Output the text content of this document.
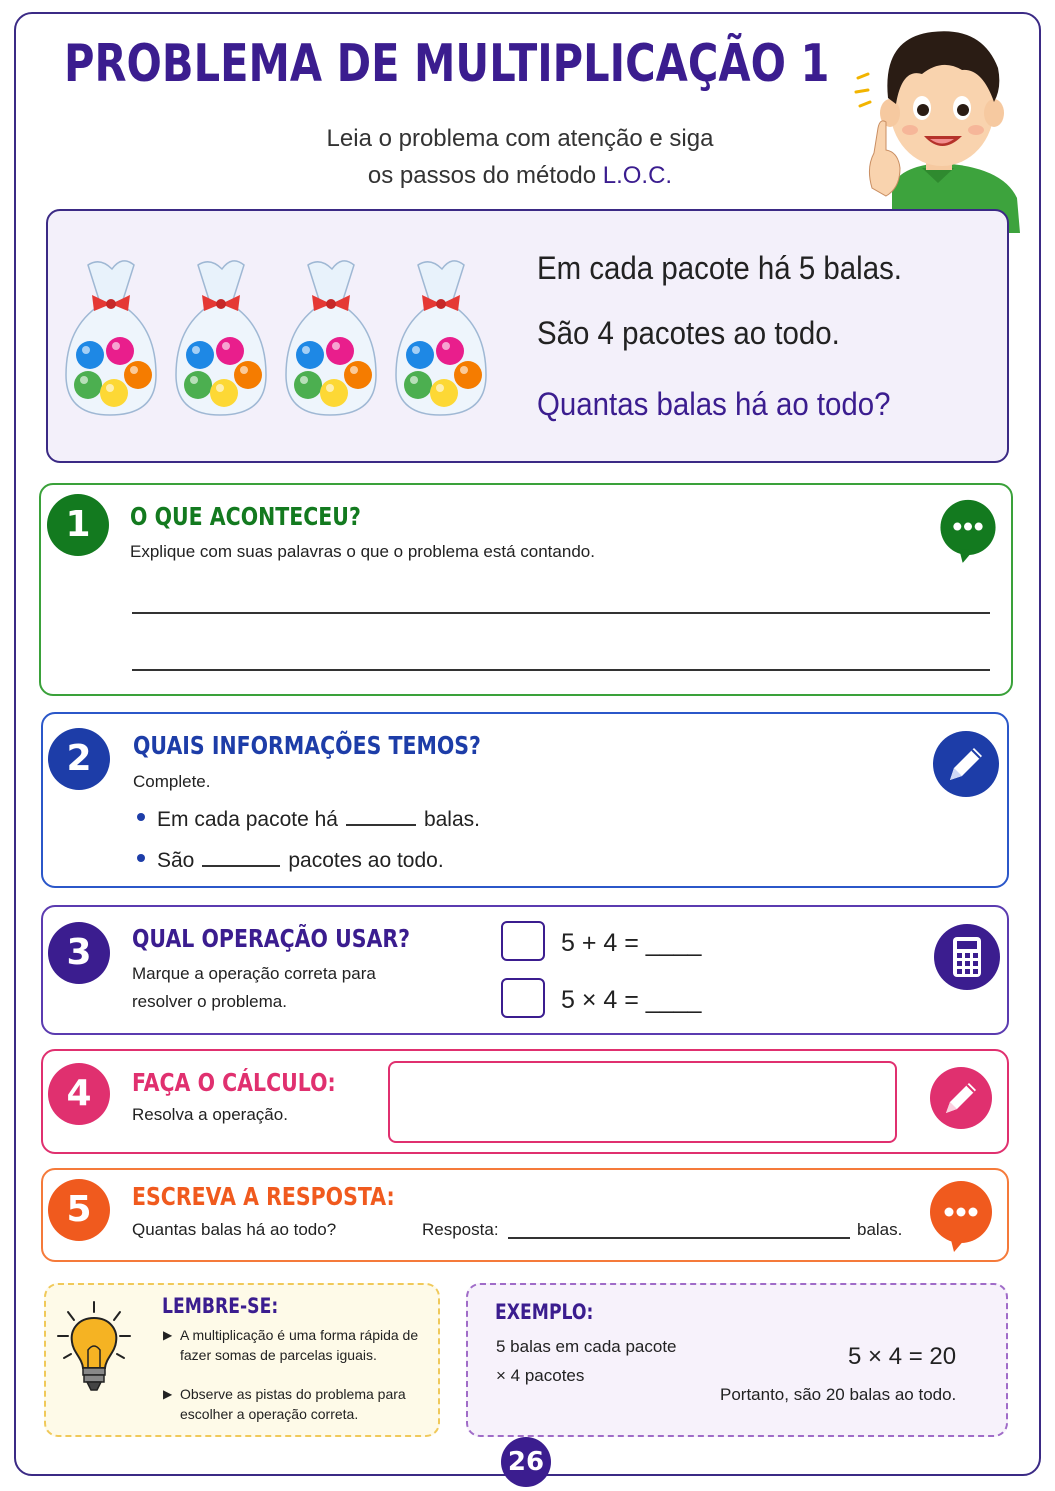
PROBLEMA DE MULTIPLICAÇÃO 1
Leia o problema com atenção e siga
os passos do método L.O.C.
Em cada pacote há 5 balas.
São 4 pacotes ao todo.
Quantas balas há ao todo?
1	O QUE ACONTECEU?
Explique com suas palavras o que o problema está contando.
2	QUAIS INFORMAÇÕES TEMOS?
Complete.
Em cada pacote há	balas.
São	pacotes ao todo.
3	QUAL OPERAÇÃO USAR?
Marque a operação correta para
resolver o problema.
5 + 4 = ____
5 × 4 = ____
4	FAÇA O CÁLCULO:
Resolva a operação.
5	ESCREVA A RESPOSTA:
Quantas balas há ao todo?	Resposta:	balas.
LEMBRE-SE:
▶ A multiplicação é uma forma rápida de fazer somas de parcelas iguais.
▶ Observe as pistas do problema para escolher a operação correta.
EXEMPLO:
5 balas em cada pacote
× 4 pacotes
5 × 4 = 20
Portanto, são 20 balas ao todo.
26
